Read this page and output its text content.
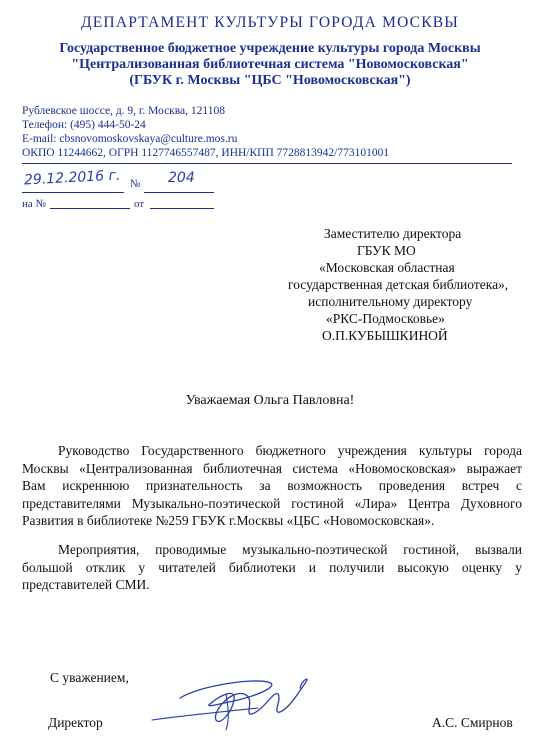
ДЕПАРТАМЕНТ КУЛЬТУРЫ ГОРОДА МОСКВЫ
Государственное бюджетное учреждение культуры города Москвы
"Централизованная библиотечная система "Новомосковская"
(ГБУК г. Москвы "ЦБС "Новомосковская")
Рублевское шоссе, д. 9, г. Москва, 121108
Телефон: (495) 444-50-24
E-mail: cbsnovomoskovskaya@culture.mos.ru
ОКПО 11244662, ОГРН 1127746557487, ИНН/КПП 7728813942/773101001
29.12.2016 г. № 204
на №	от
Заместителю директора
ГБУК МО
«Московская областная
государственная детская библиотека»,
исполнительному директору
«РКС-Подмосковье»
О.П.КУБЫШКИНОЙ
Уважаемая Ольга Павловна!
Руководство Государственного бюджетного учреждения культуры города
Москвы «Централизованная библиотечная система «Новомосковская» выражает
Вам искреннюю признательность за возможность проведения встреч с
представителями Музыкально-поэтической гостиной «Лира» Центра Духовного
Развития в библиотеке №259 ГБУК г.Москвы «ЦБС «Новомосковская».
Мероприятия, проводимые музыкально-поэтической гостиной, вызвали
большой отклик у читателей библиотеки и получили высокую оценку у
представителей СМИ.
С уважением,
Директор	А.С. Смирнов
